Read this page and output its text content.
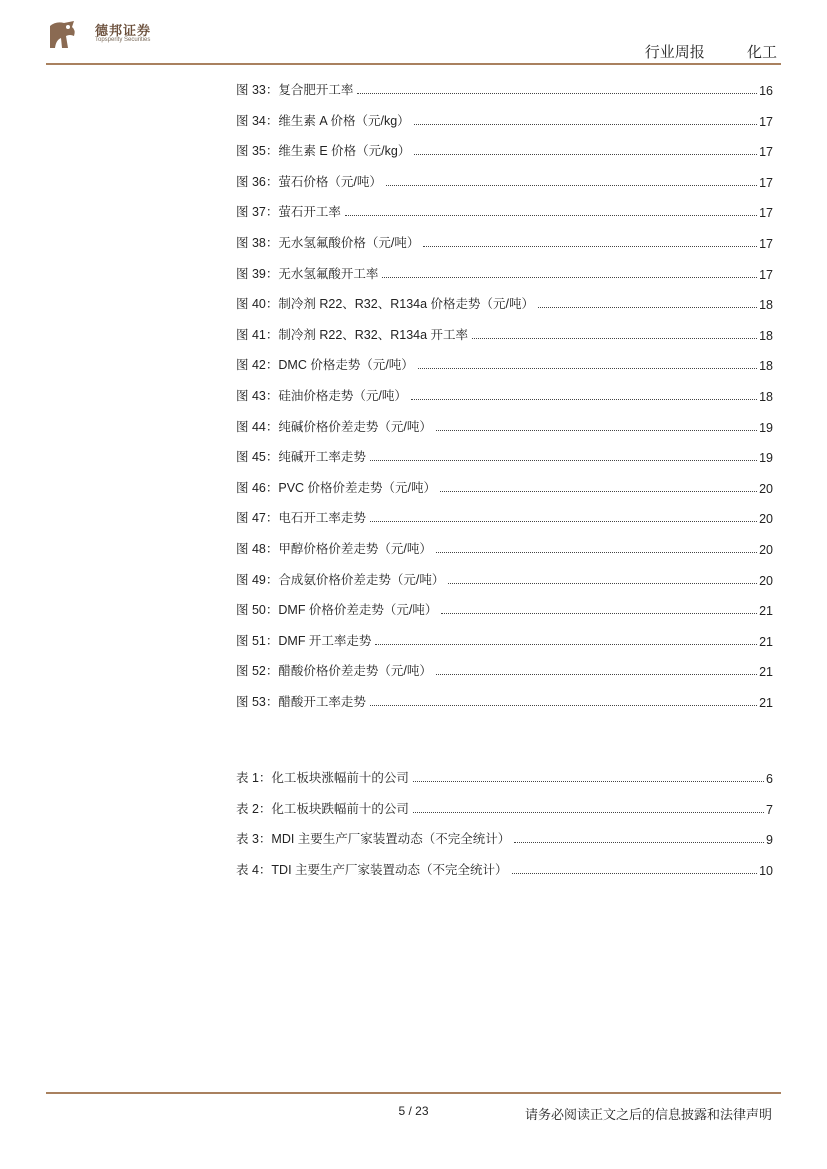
德邦证券
Topsperity Securities
行业周报	化工
图 33：复合肥开工率	16
图 34：维生素 A 价格（元/kg）	17
图 35：维生素 E 价格（元/kg）	17
图 36：萤石价格（元/吨）	17
图 37：萤石开工率	17
图 38：无水氢氟酸价格（元/吨）	17
图 39：无水氢氟酸开工率	17
图 40：制冷剂 R22、R32、R134a 价格走势（元/吨）	18
图 41：制冷剂 R22、R32、R134a 开工率	18
图 42：DMC 价格走势（元/吨）	18
图 43：硅油价格走势（元/吨）	18
图 44：纯碱价格价差走势（元/吨）	19
图 45：纯碱开工率走势	19
图 46：PVC 价格价差走势（元/吨）	20
图 47：电石开工率走势	20
图 48：甲醇价格价差走势（元/吨）	20
图 49：合成氨价格价差走势（元/吨）	20
图 50：DMF 价格价差走势（元/吨）	21
图 51：DMF 开工率走势	21
图 52：醋酸价格价差走势（元/吨）	21
图 53：醋酸开工率走势	21
表 1：化工板块涨幅前十的公司	6
表 2：化工板块跌幅前十的公司	7
表 3：MDI 主要生产厂家装置动态（不完全统计）	9
表 4：TDI 主要生产厂家装置动态（不完全统计）	10
5 / 23	请务必阅读正文之后的信息披露和法律声明
